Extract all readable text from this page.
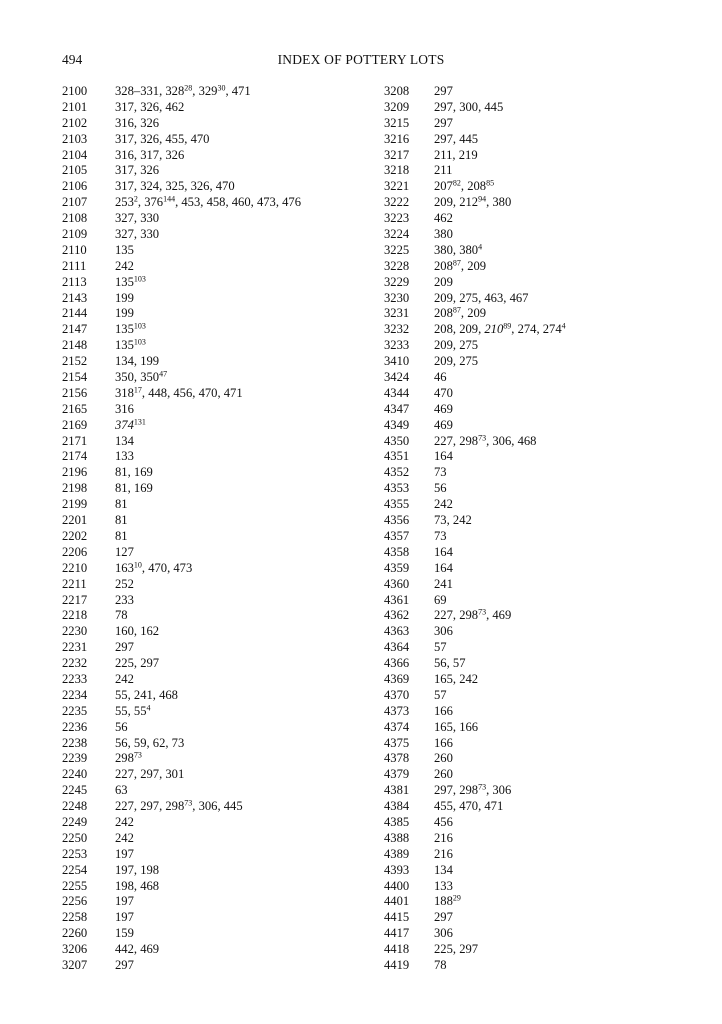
494	INDEX OF POTTERY LOTS
2100 328–331, $328^{28}$, $329^{30}$, 471
2101 317, 326, 462
2102 316, 326
2103 317, 326, 455, 470
2104 316, 317, 326
2105 317, 326
2106 317, 324, 325, 326, 470
2107 $253^2$, $376^{144}$, 453, 458, 460, 473, 476
2108 327, 330
2109 327, 330
2110 135
2111 242
2113 $135^{103}$
2143 199
2144 199
2147 $135^{103}$
2148 $135^{103}$
2152 134, 199
2154 350, $350^{47}$
2156 $318^{17}$, 448, 456, 470, 471
2165 316
2169 $374^{131}$
2171 134
2174 133
2196 81, 169
2198 81, 169
2199 81
2201 81
2202 81
2206 127
2210 $163^{10}$, 470, 473
2211 252
2217 233
2218 78
2230 160, 162
2231 297
2232 225, 297
2233 242
2234 55, 241, 468
2235 55, $55^4$
2236 56
2238 56, 59, 62, 73
2239 $298^{73}$
2240 227, 297, 301
2245 63
2248 227, 297, $298^{73}$, 306, 445
2249 242
2250 242
2253 197
2254 197, 198
2255 198, 468
2256 197
2258 197
2260 159
3206 442, 469
3207 297
3208 297
3209 297, 300, 445
3215 297
3216 297, 445
3217 211, 219
3218 211
3221 $207^{82}$, $208^{85}$
3222 209, $212^{94}$, 380
3223 462
3224 380
3225 380, $380^4$
3228 $208^{87}$, 209
3229 209
3230 209, 275, 463, 467
3231 $208^{87}$, 209
3232 208, 209, $210^{89}$, 274, $274^4$
3233 209, 275
3410 209, 275
3424 46
4344 470
4347 469
4349 469
4350 227, $298^{73}$, 306, 468
4351 164
4352 73
4353 56
4355 242
4356 73, 242
4357 73
4358 164
4359 164
4360 241
4361 69
4362 227, $298^{73}$, 469
4363 306
4364 57
4366 56, 57
4369 165, 242
4370 57
4373 166
4374 165, 166
4375 166
4378 260
4379 260
4381 297, $298^{73}$, 306
4384 455, 470, 471
4385 456
4388 216
4389 216
4393 134
4400 133
4401 $188^{29}$
4415 297
4417 306
4418 225, 297
4419 78
